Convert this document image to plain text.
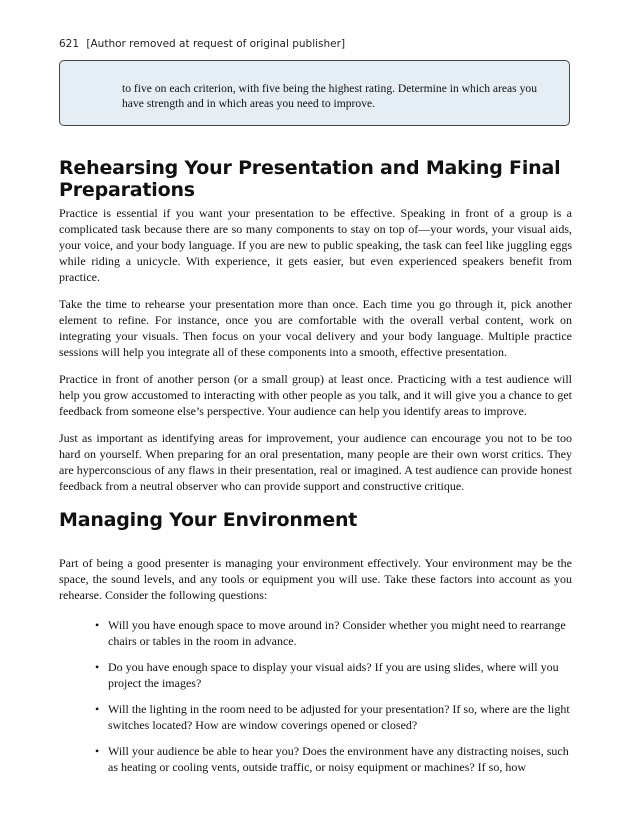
621 [Author removed at request of original publisher]
to five on each criterion, with five being the highest rating. Determine in which areas you have strength and in which areas you need to improve.
Rehearsing Your Presentation and Making Final Preparations

Practice is essential if you want your presentation to be effective. Speaking in front of a group is a complicated task because there are so many components to stay on top of—your words, your visual aids, your voice, and your body language. If you are new to public speaking, the task can feel like juggling eggs while riding a unicycle. With experience, it gets easier, but even experienced speakers benefit from practice.

Take the time to rehearse your presentation more than once. Each time you go through it, pick another element to refine. For instance, once you are comfortable with the overall verbal content, work on integrating your visuals. Then focus on your vocal delivery and your body language. Multiple practice sessions will help you integrate all of these components into a smooth, effective presentation.

Practice in front of another person (or a small group) at least once. Practicing with a test audience will help you grow accustomed to interacting with other people as you talk, and it will give you a chance to get feedback from someone else’s perspective. Your audience can help you identify areas to improve.

Just as important as identifying areas for improvement, your audience can encourage you not to be too hard on yourself. When preparing for an oral presentation, many people are their own worst critics. They are hyperconscious of any flaws in their presentation, real or imagined. A test audience can provide honest feedback from a neutral observer who can provide support and constructive critique.

Managing Your Environment

Part of being a good presenter is managing your environment effectively. Your environment may be the space, the sound levels, and any tools or equipment you will use. Take these factors into account as you rehearse. Consider the following questions:

• Will you have enough space to move around in? Consider whether you might need to rearrange chairs or tables in the room in advance.
• Do you have enough space to display your visual aids? If you are using slides, where will you project the images?
• Will the lighting in the room need to be adjusted for your presentation? If so, where are the light switches located? How are window coverings opened or closed?
• Will your audience be able to hear you? Does the environment have any distracting noises, such as heating or cooling vents, outside traffic, or noisy equipment or machines? If so, how
